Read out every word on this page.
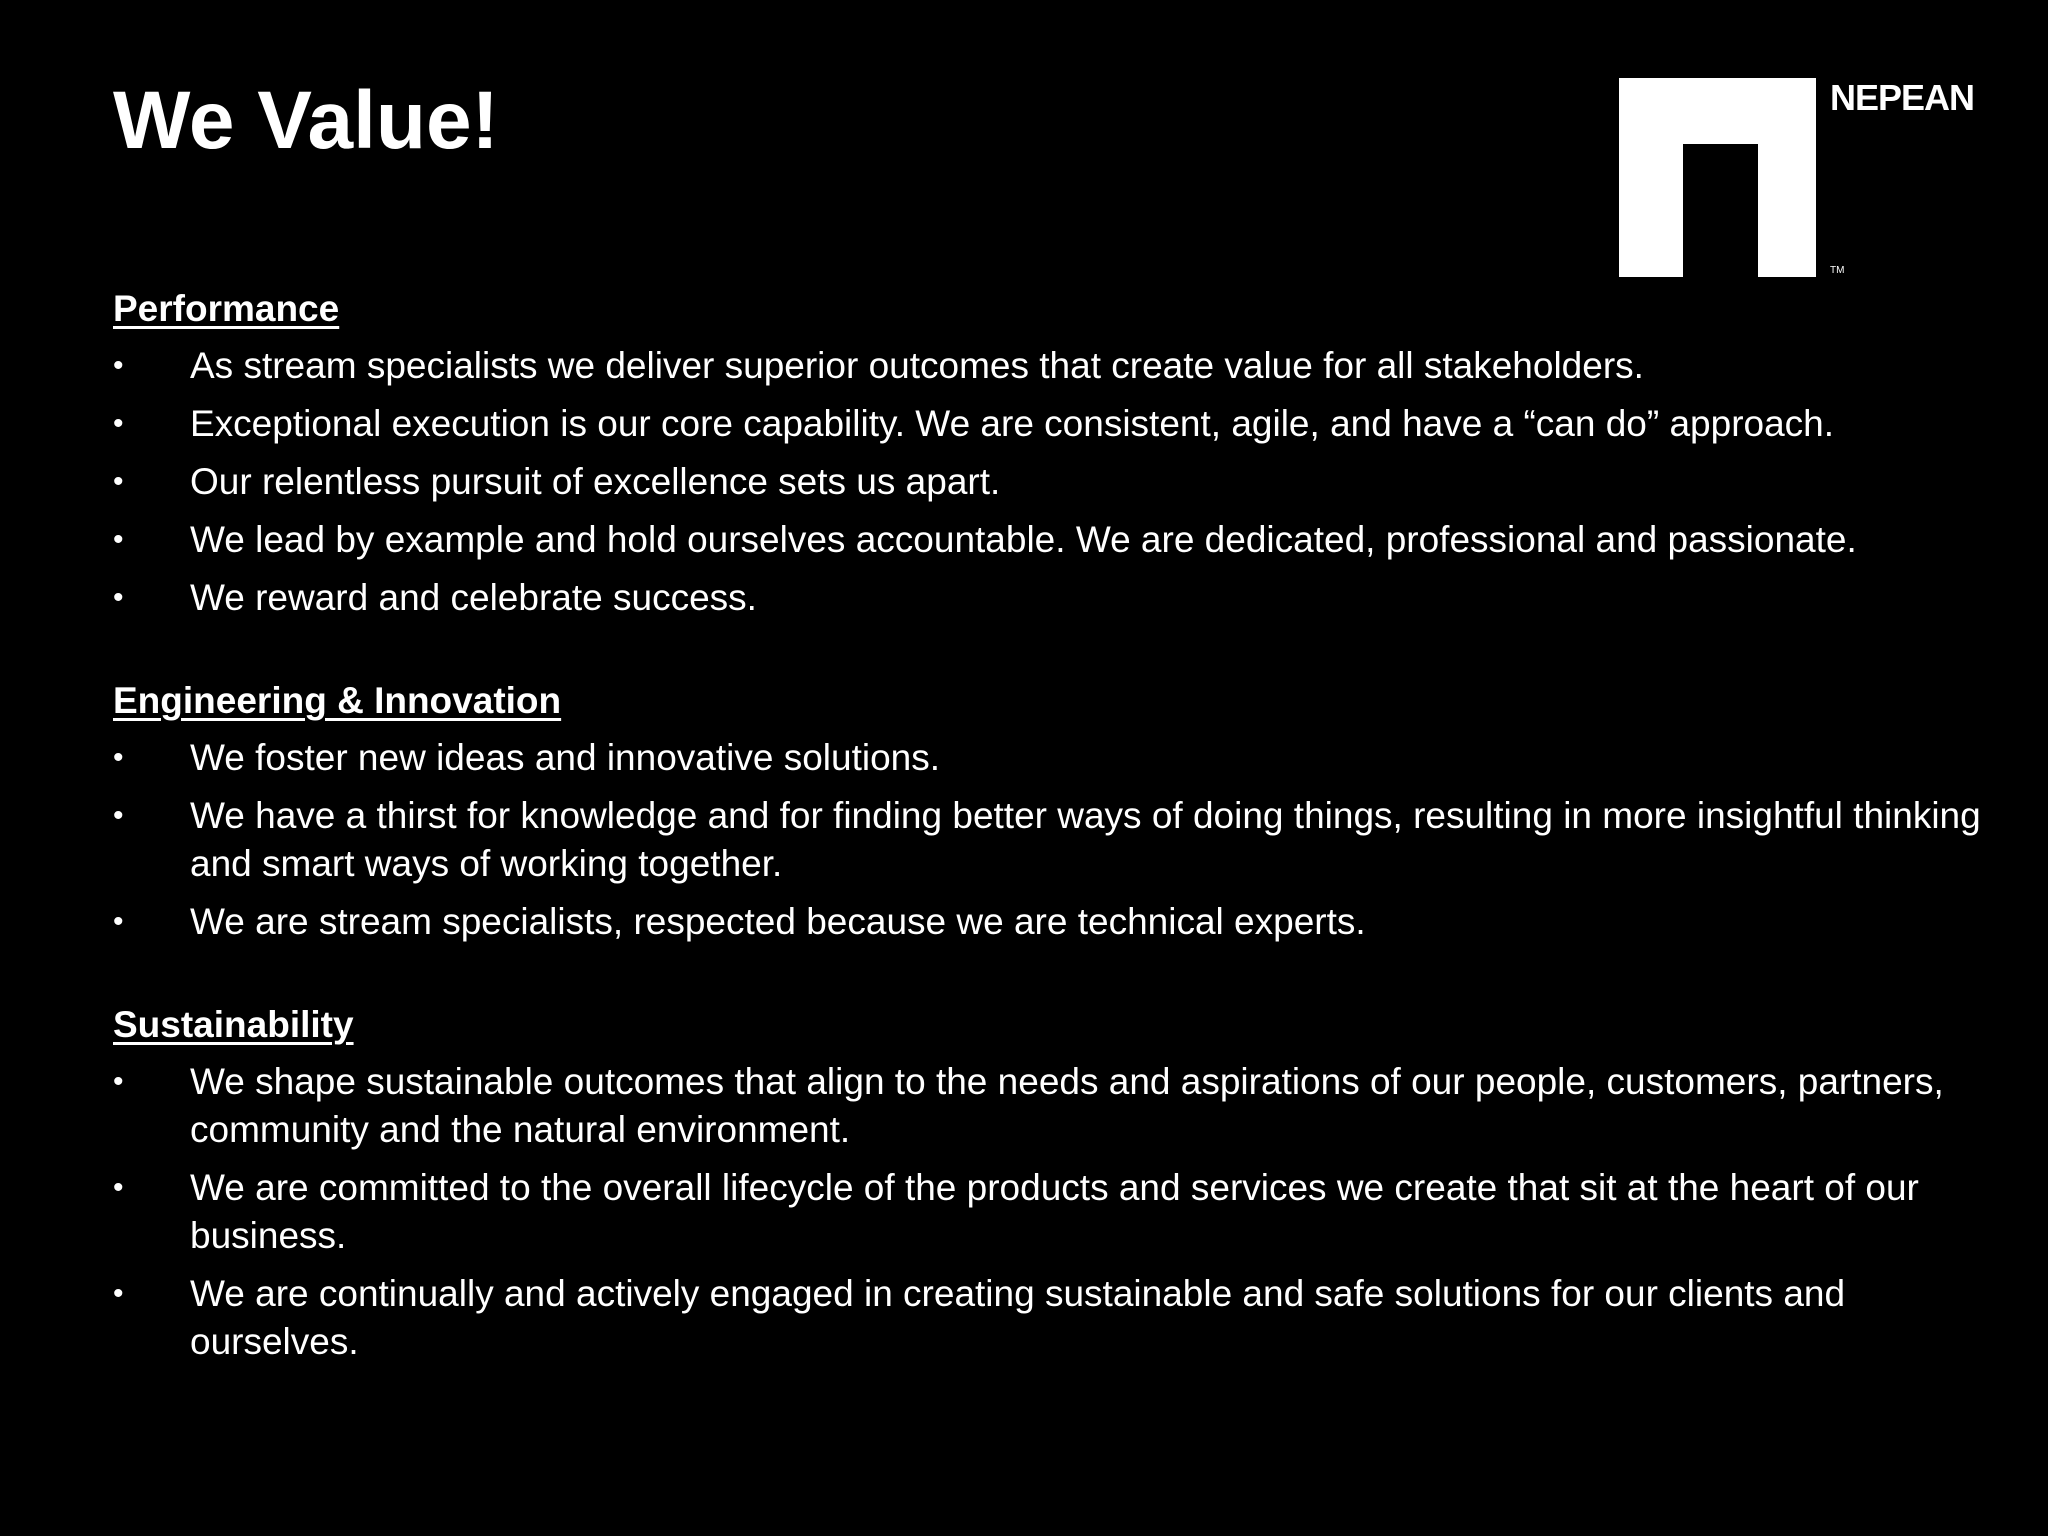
We Value!	NEPEAN
TM
Performance
• As stream specialists we deliver superior outcomes that create value for all stakeholders.
• Exceptional execution is our core capability. We are consistent, agile, and have a “can do” approach.
• Our relentless pursuit of excellence sets us apart.
• We lead by example and hold ourselves accountable. We are dedicated, professional and passionate.
• We reward and celebrate success.
Engineering & Innovation
• We foster new ideas and innovative solutions.
• We have a thirst for knowledge and for finding better ways of doing things, resulting in more insightful thinking and smart ways of working together.
• We are stream specialists, respected because we are technical experts.
Sustainability
• We shape sustainable outcomes that align to the needs and aspirations of our people, customers, partners, community and the natural environment.
• We are committed to the overall lifecycle of the products and services we create that sit at the heart of our business.
• We are continually and actively engaged in creating sustainable and safe solutions for our clients and ourselves.
